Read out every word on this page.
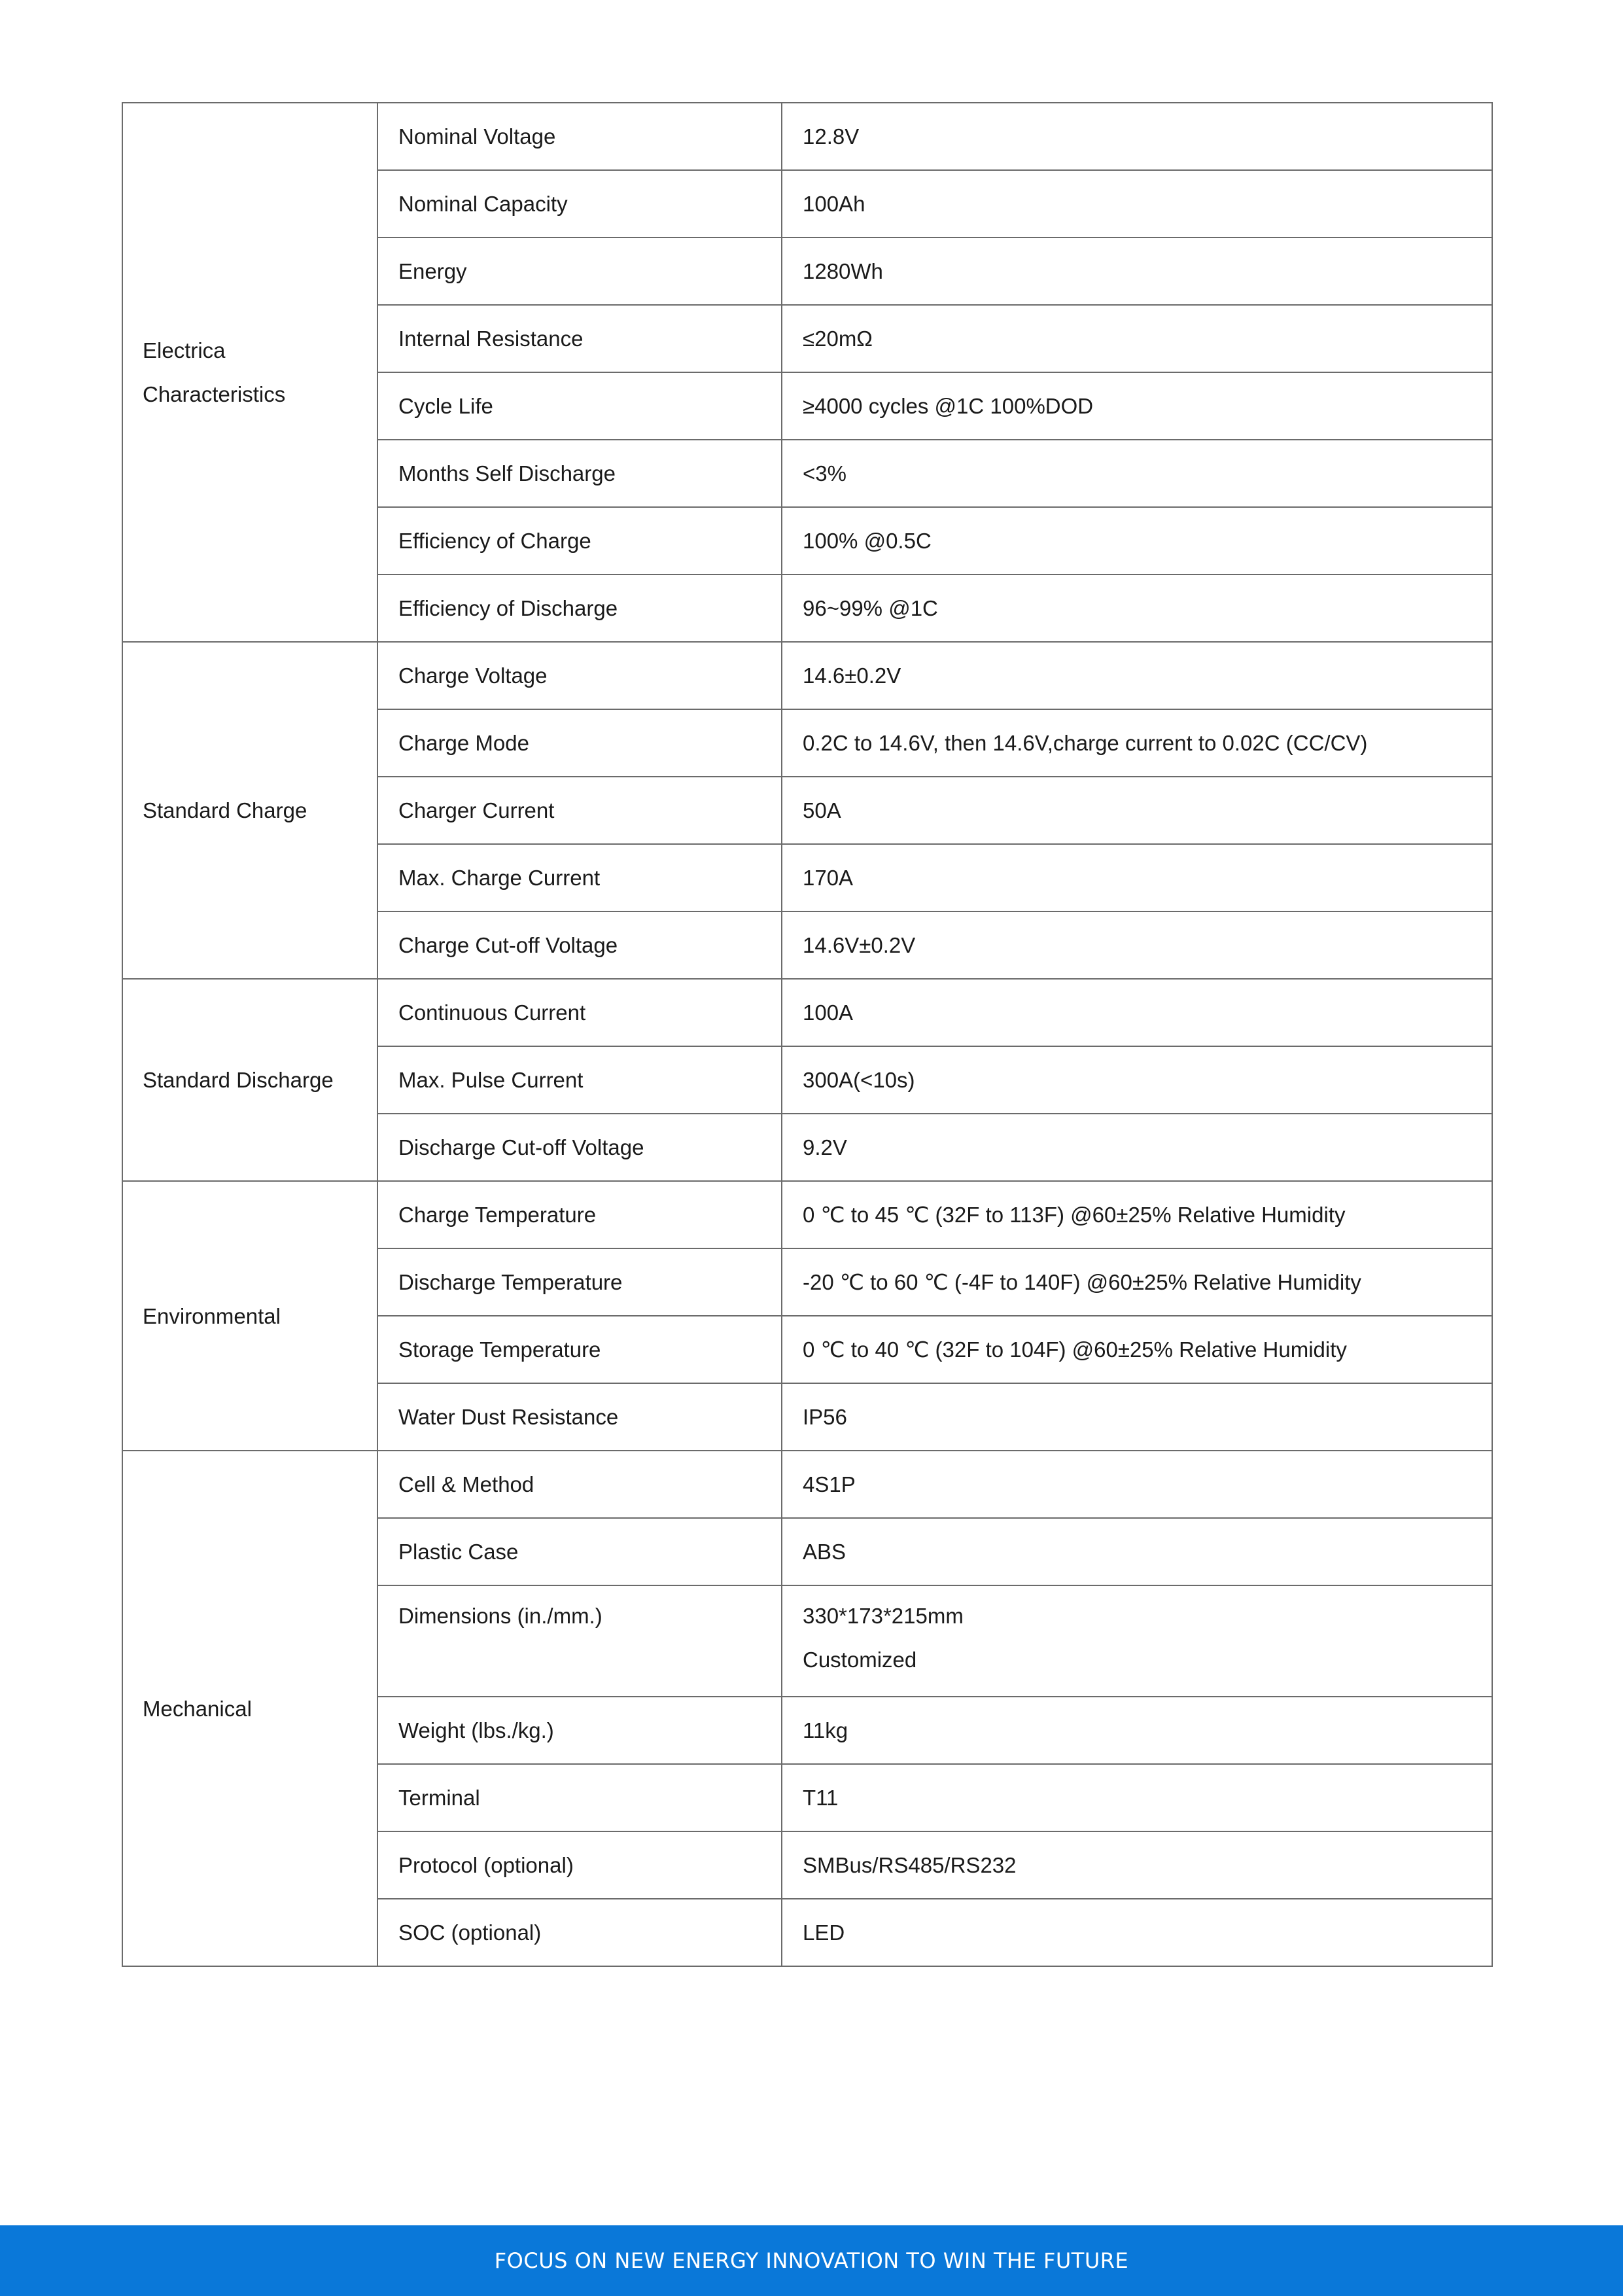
Electrica
Characteristics	Nominal Voltage	12.8V

	Nominal Capacity	100Ah

	Energy	1280Wh

	Internal Resistance	≤20mΩ

	Cycle Life	≥4000 cycles @1C 100%DOD

	Months Self Discharge	<3%

	Efficiency of Charge	100% @0.5C

	Efficiency of Discharge	96~99% @1C

Standard Charge	Charge Voltage	14.6±0.2V

	Charge Mode	0.2C to 14.6V, then 14.6V,charge current to 0.02C (CC/CV)

	Charger Current	50A

	Max. Charge Current	170A

	Charge Cut-off Voltage	14.6V±0.2V

Standard Discharge	Continuous Current	100A

	Max. Pulse Current	300A(<10s)

	Discharge Cut-off Voltage	9.2V

Environmental	Charge Temperature	0 ℃ to 45 ℃ (32F to 113F) @60±25% Relative Humidity

	Discharge Temperature	-20 ℃ to 60 ℃ (-4F to 140F) @60±25% Relative Humidity

	Storage Temperature	0 ℃ to 40 ℃ (32F to 104F) @60±25% Relative Humidity

	Water Dust Resistance	IP56

Mechanical	Cell & Method	4S1P

	Plastic Case	ABS

	Dimensions (in./mm.)	330*173*215mm
Customized

	Weight (lbs./kg.)	11kg

	Terminal	T11

	Protocol (optional)	SMBus/RS485/RS232

	SOC (optional)	LED
FOCUS ON NEW ENERGY INNOVATION TO WIN THE FUTURE
